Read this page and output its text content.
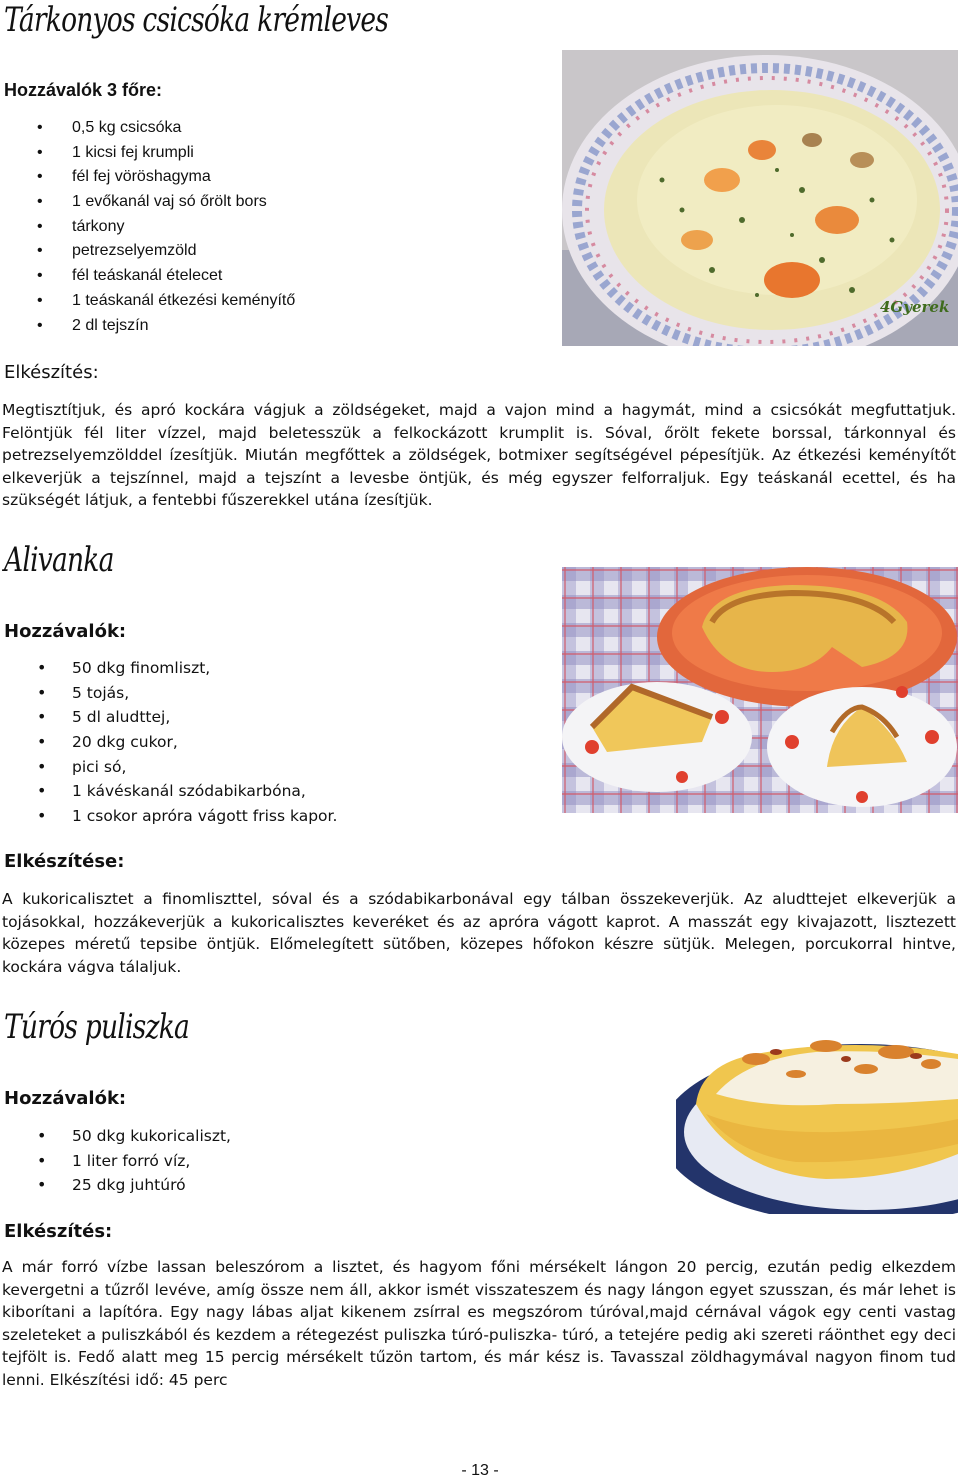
Tárkonyos csicsóka krémleves
Hozzávalók 3 főre:
• 0,5 kg csicsóka
• 1 kicsi fej krumpli
• fél fej vöröshagyma
• 1 evőkanál vaj só őrölt bors
• tárkony
• petrezselyemzöld
• fél teáskanál ételecet
• 1 teáskanál étkezési keményítő
• 2 dl tejszín
4Gyerek
Elkészítés:

Megtisztítjuk, és apró kockára vágjuk a zöldségeket, majd a vajon mind a hagymát, mind a csicsókát megfuttatjuk. Felöntjük fél liter vízzel, majd beletesszük a felkockázott krumplit is. Sóval, őrölt fekete borssal, tárkonnyal és petrezselyemzölddel ízesítjük. Miután megfőttek a zöldségek, botmixer segítségével pépesítjük. Az étkezési keményítőt elkeverjük a tejszínnel, majd a tejszínt a levesbe öntjük, és még egyszer felforraljuk. Egy teáskanál ecettel, és ha szükségét látjuk, a fentebbi fűszerekkel utána ízesítjük.

Alivanka
Hozzávalók:
• 50 dkg finomliszt,
• 5 tojás,
• 5 dl aludttej,
• 20 dkg cukor,
• pici só,
• 1 kávéskanál szódabikarbóna,
• 1 csokor apróra vágott friss kapor.
Elkészítése:

A kukoricalisztet a finomliszttel, sóval és a szódabikarbonával egy tálban összekeverjük. Az aludttejet elkeverjük a tojásokkal, hozzákeverjük a kukoricalisztes keveréket és az apróra vágott kaprot. A masszát egy kivajazott, lisztezett közepes méretű tepsibe öntjük. Előmelegített sütőben, közepes hőfokon készre sütjük. Melegen, porcukorral hintve, kockára vágva tálaljuk.

Túrós puliszka
Hozzávalók:
• 50 dkg kukoricaliszt,
• 1 liter forró víz,
• 25 dkg juhtúró
Elkészítés:

A már forró vízbe lassan beleszórom a lisztet, és hagyom főni mérsékelt lángon 20 percig, ezután pedig elkezdem kevergetni a tűzről levéve, amíg össze nem áll, akkor ismét visszateszem és nagy lángon egyet szusszan, és már lehet is kiborítani a lapítóra. Egy nagy lábas aljat kikenem zsírral es megszórom túróval,majd cérnával vágok egy centi vastag szeleteket a puliszkából és kezdem a rétegezést puliszka túró-puliszka- túró, a tetejére pedig aki szereti ráönthet egy deci tejfölt is. Fedő alatt meg 15 percig mérsékelt tűzön tartom, és már kész is. Tavasszal zöldhagymával nagyon finom tud lenni. Elkészítési idő: 45 perc

- 13 -
